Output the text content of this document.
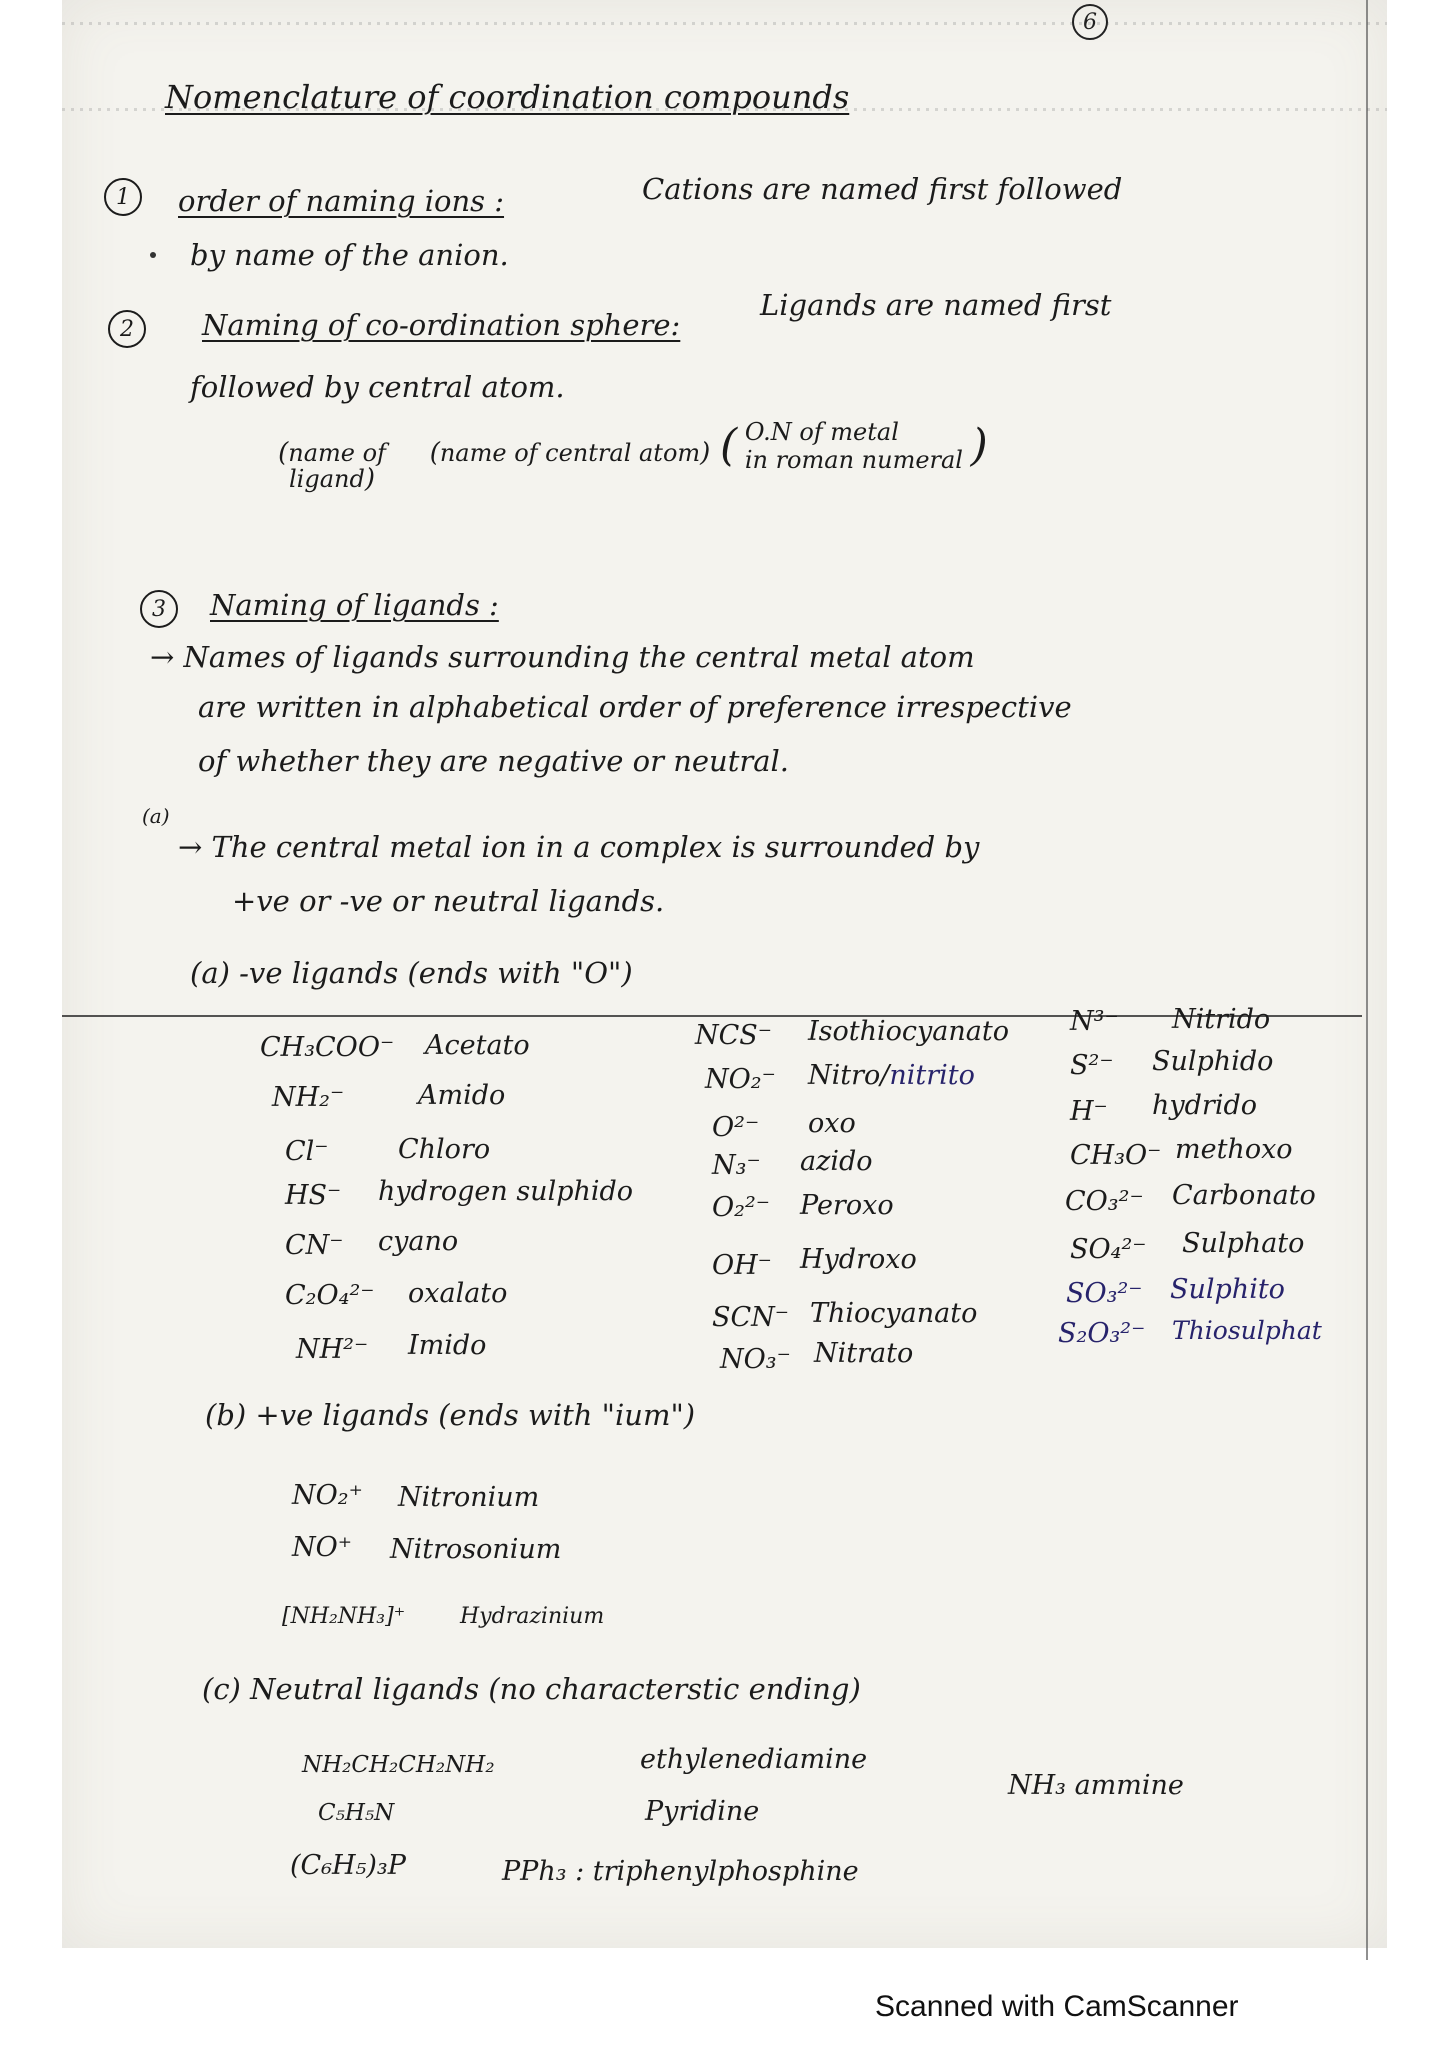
6
Nomenclature of coordination compounds
1	order of naming ions :	Cations are named first followed
by name of the anion.
2	Naming of co-ordination sphere:
Ligands are named first
followed by central atom.
(name of ligand)
(name of central atom) ( O.N of metal
in roman numeral )
3	Naming of ligands :
→ Names of ligands surrounding the central metal atom
are written in alphabetical order of preference irrespective
of whether they are negative or neutral.
(a)
→ The central metal ion in a complex is surrounded by
+ve or -ve or neutral ligands.
(a) -ve ligands (ends with "O")
CH₃COO⁻ Acetato
NH₂⁻	Amido
Cl⁻	Chloro
HS⁻ hydrogen sulphido
CN⁻ cyano
C₂O₄²⁻ oxalato
NH²⁻ Imido
NCS⁻ Isothiocyanato
NO₂⁻ Nitro/nitrito
O²⁻ oxo
N₃⁻ azido
O₂²⁻ Peroxo
OH⁻ Hydroxo
SCN⁻ Thiocyanato
NO₃⁻ Nitrato
N³⁻ Nitrido
S²⁻ Sulphido
H⁻ hydrido
CH₃O⁻ methoxo
CO₃²⁻ Carbonato
SO₄²⁻ Sulphato
SO₃²⁻ Sulphito
S₂O₃²⁻ Thiosulphat
(b) +ve ligands (ends with "ium")
NO₂⁺ Nitronium
NO⁺ Nitrosonium
[NH₂NH₃]⁺ Hydrazinium
(c) Neutral ligands (no characterstic ending)
NH₂CH₂CH₂NH₂	ethylenediamine
C₅H₅N	Pyridine
(C₆H₅)₃P	PPh₃ : triphenylphosphine
NH₃ ammine
Scanned with CamScanner
